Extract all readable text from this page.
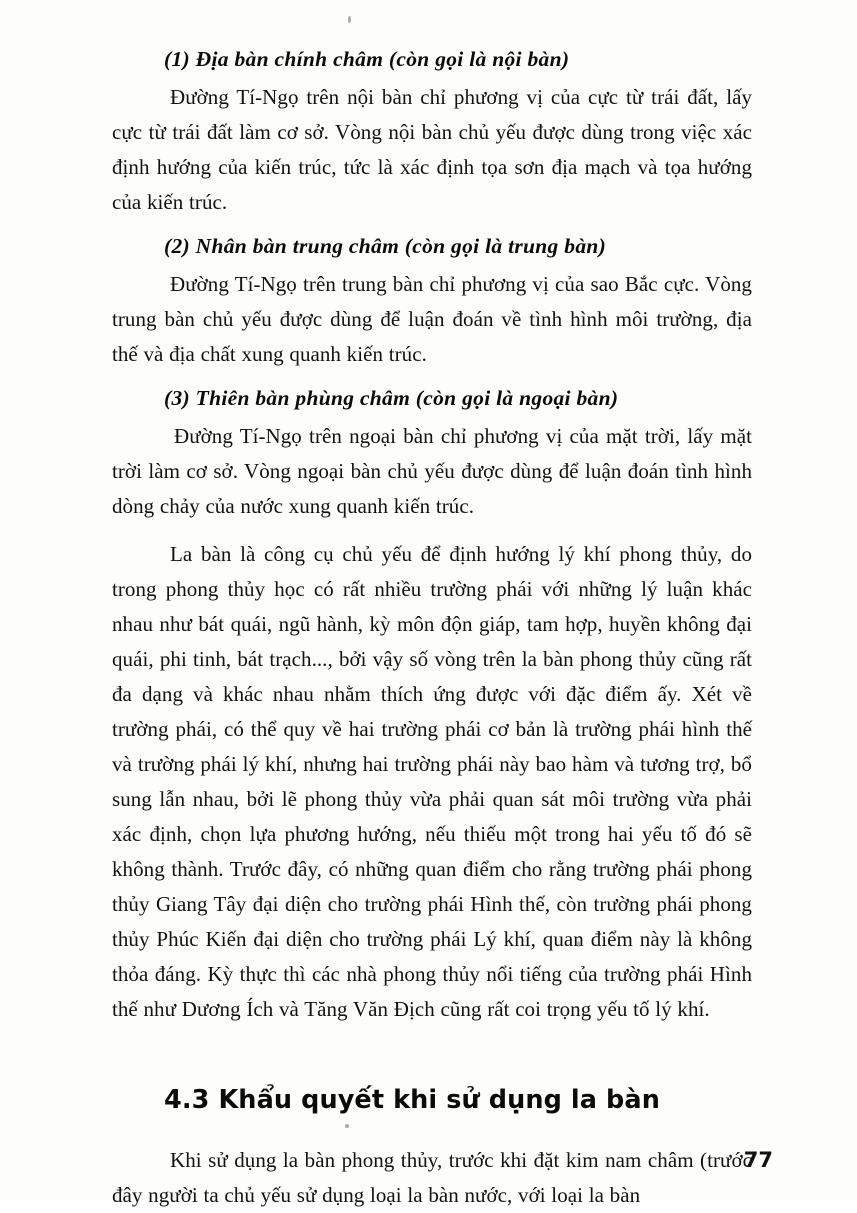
(1) Địa bàn chính châm (còn gọi là nội bàn)

Đường Tí-Ngọ trên nội bàn chỉ phương vị của cực từ trái đất, lấy cực từ trái đất làm cơ sở. Vòng nội bàn chủ yếu được dùng trong việc xác định hướng của kiến trúc, tức là xác định tọa sơn địa mạch và tọa hướng của kiến trúc.

(2) Nhân bàn trung châm (còn gọi là trung bàn)

Đường Tí-Ngọ trên trung bàn chỉ phương vị của sao Bắc cực. Vòng trung bàn chủ yếu được dùng để luận đoán về tình hình môi trường, địa thế và địa chất xung quanh kiến trúc.

(3) Thiên bàn phùng châm (còn gọi là ngoại bàn)

Đường Tí-Ngọ trên ngoại bàn chỉ phương vị của mặt trời, lấy mặt trời làm cơ sở. Vòng ngoại bàn chủ yếu được dùng để luận đoán tình hình dòng chảy của nước xung quanh kiến trúc.

La bàn là công cụ chủ yếu để định hướng lý khí phong thủy, do trong phong thủy học có rất nhiều trường phái với những lý luận khác nhau như bát quái, ngũ hành, kỳ môn độn giáp, tam hợp, huyền không đại quái, phi tinh, bát trạch..., bởi vậy số vòng trên la bàn phong thủy cũng rất đa dạng và khác nhau nhằm thích ứng được với đặc điểm ấy. Xét về trường phái, có thể quy về hai trường phái cơ bản là trường phái hình thế và trường phái lý khí, nhưng hai trường phái này bao hàm và tương trợ, bổ sung lẫn nhau, bởi lẽ phong thủy vừa phải quan sát môi trường vừa phải xác định, chọn lựa phương hướng, nếu thiếu một trong hai yếu tố đó sẽ không thành. Trước đây, có những quan điểm cho rằng trường phái phong thủy Giang Tây đại diện cho trường phái Hình thế, còn trường phái phong thủy Phúc Kiến đại diện cho trường phái Lý khí, quan điểm này là không thỏa đáng. Kỳ thực thì các nhà phong thủy nổi tiếng của trường phái Hình thế như Dương Ích và Tăng Văn Địch cũng rất coi trọng yếu tố lý khí.

4.3 Khẩu quyết khi sử dụng la bàn

Khi sử dụng la bàn phong thủy, trước khi đặt kim nam châm (trước đây người ta chủ yếu sử dụng loại la bàn nước, với loại la bàn

77
